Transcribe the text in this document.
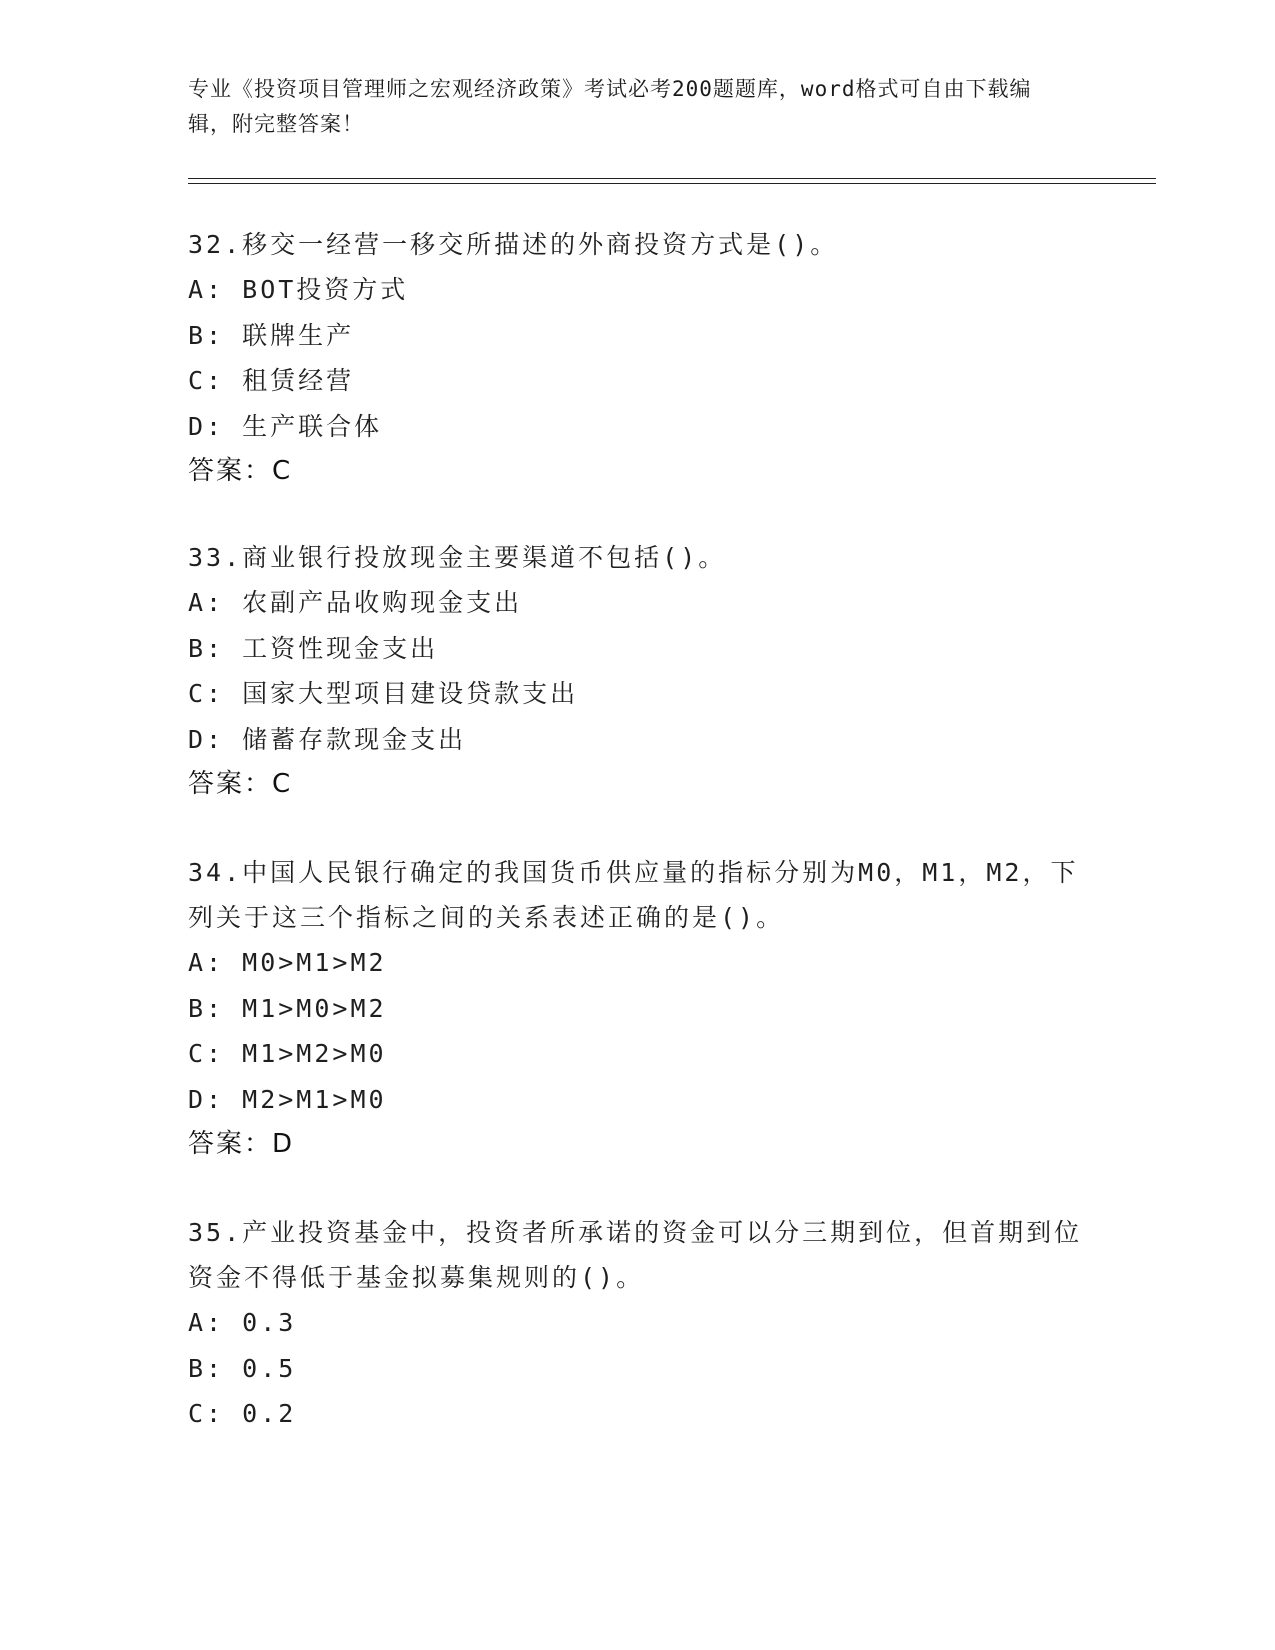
专业《投资项目管理师之宏观经济政策》考试必考200题题库，word格式可自由下载编辑，附完整答案！

32.移交一经营一移交所描述的外商投资方式是()。

A: BOT投资方式

B: 联牌生产

C: 租赁经营

D: 生产联合体

答案：C

33.商业银行投放现金主要渠道不包括()。

A: 农副产品收购现金支出

B: 工资性现金支出

C: 国家大型项目建设贷款支出

D: 储蓄存款现金支出

答案：C

34.中国人民银行确定的我国货币供应量的指标分别为M0，M1，M2，下列关于这三个指标之间的关系表述正确的是()。

A: M0>M1>M2

B: M1>M0>M2

C: M1>M2>M0

D: M2>M1>M0

答案：D

35.产业投资基金中，投资者所承诺的资金可以分三期到位，但首期到位资金不得低于基金拟募集规则的()。

A: 0.3

B: 0.5

C: 0.2
